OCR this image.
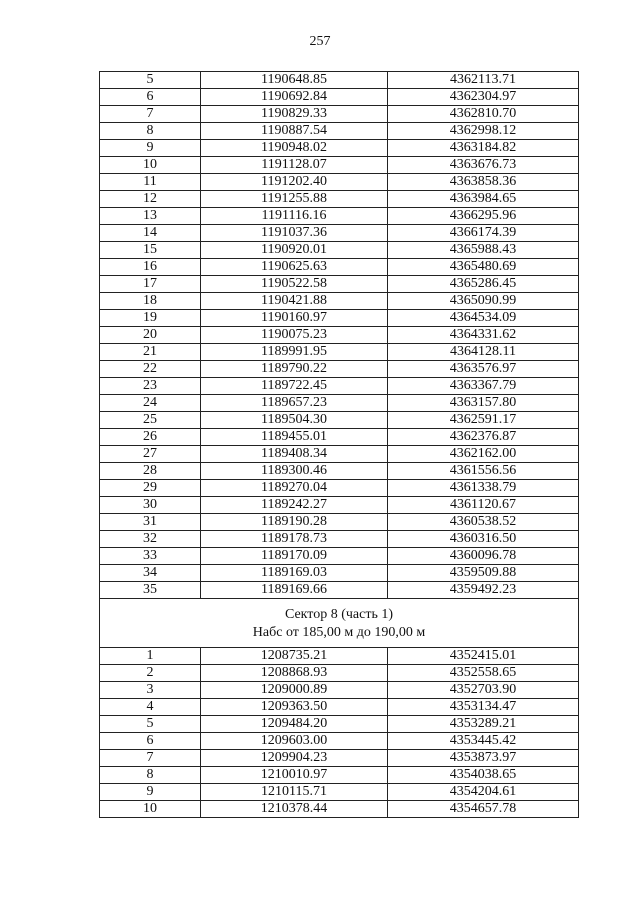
257
5	1190648.85	4362113.71
6	1190692.84	4362304.97
7	1190829.33	4362810.70
8	1190887.54	4362998.12
9	1190948.02	4363184.82
10	1191128.07	4363676.73
11	1191202.40	4363858.36
12	1191255.88	4363984.65
13	1191116.16	4366295.96
14	1191037.36	4366174.39
15	1190920.01	4365988.43
16	1190625.63	4365480.69
17	1190522.58	4365286.45
18	1190421.88	4365090.99
19	1190160.97	4364534.09
20	1190075.23	4364331.62
21	1189991.95	4364128.11
22	1189790.22	4363576.97
23	1189722.45	4363367.79
24	1189657.23	4363157.80
25	1189504.30	4362591.17
26	1189455.01	4362376.87
27	1189408.34	4362162.00
28	1189300.46	4361556.56
29	1189270.04	4361338.79
30	1189242.27	4361120.67
31	1189190.28	4360538.52
32	1189178.73	4360316.50
33	1189170.09	4360096.78
34	1189169.03	4359509.88
35	1189169.66	4359492.23

Сектор 8 (часть 1)
Набс от 185,00 м до 190,00 м		

1	1208735.21	4352415.01
2	1208868.93	4352558.65
3	1209000.89	4352703.90
4	1209363.50	4353134.47
5	1209484.20	4353289.21
6	1209603.00	4353445.42
7	1209904.23	4353873.97
8	1210010.97	4354038.65
9	1210115.71	4354204.61
10	1210378.44	4354657.78
